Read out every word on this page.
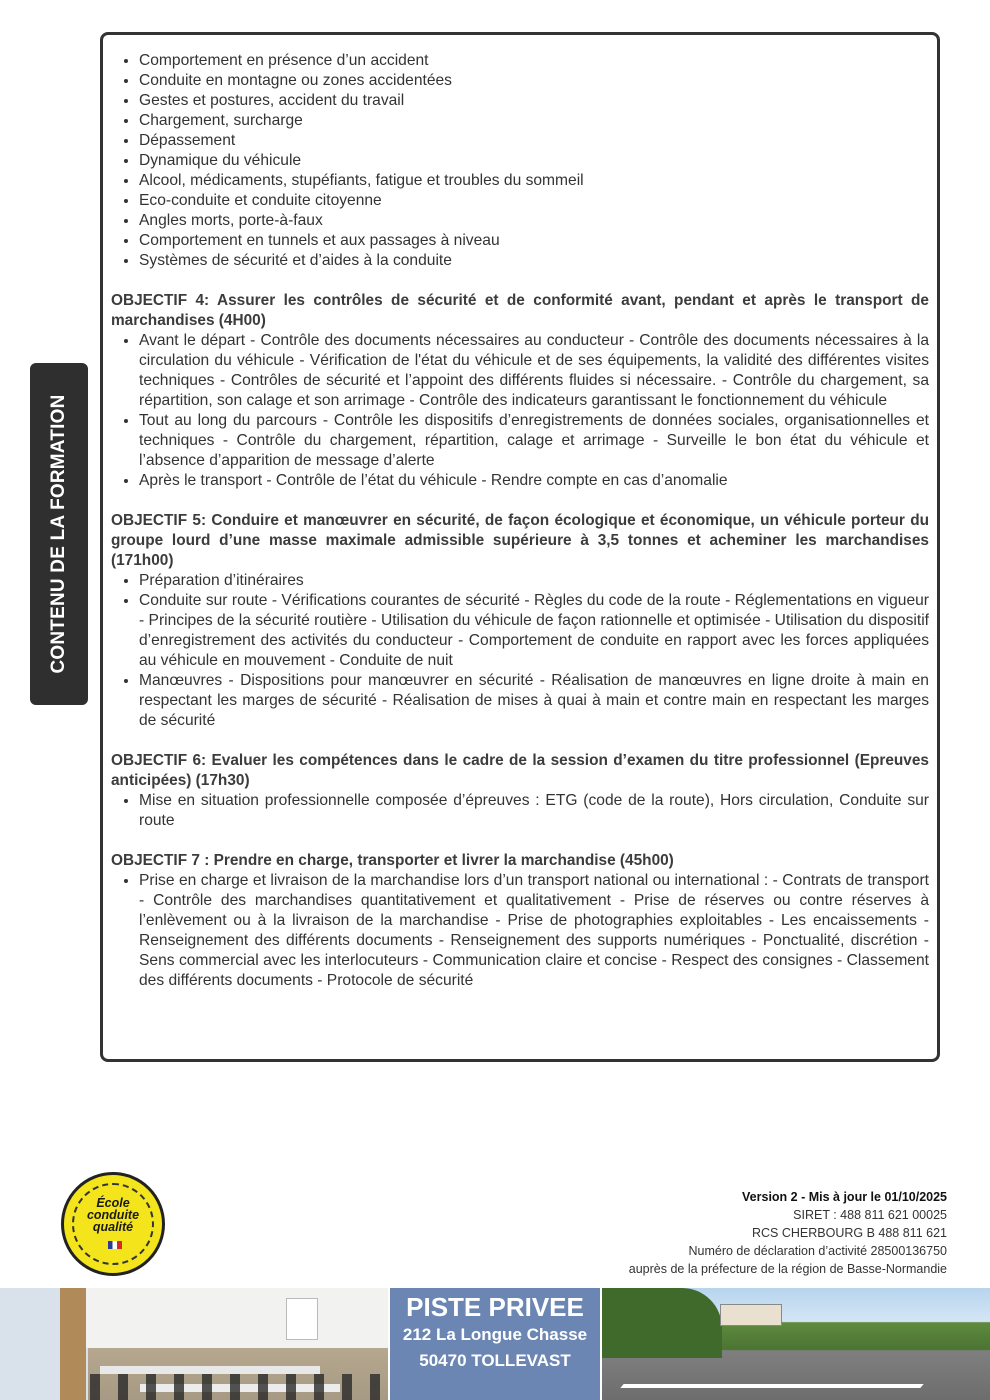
CONTENU DE LA FORMATION
• Comportement en présence d’un accident
• Conduite en montagne ou zones accidentées
• Gestes et postures, accident du travail
• Chargement, surcharge
• Dépassement
• Dynamique du véhicule
• Alcool, médicaments, stupéfiants, fatigue et troubles du sommeil
• Eco-conduite et conduite citoyenne
• Angles morts, porte-à-faux
• Comportement en tunnels et aux passages à niveau
• Systèmes de sécurité et d’aides à la conduite

OBJECTIF 4: Assurer les contrôles de sécurité et de conformité avant, pendant et après le transport de marchandises (4H00)

• Avant le départ - Contrôle des documents nécessaires au conducteur - Contrôle des documents nécessaires à la circulation du véhicule - Vérification de l'état du véhicule et de ses équipements, la validité des différentes visites techniques - Contrôles de sécurité et l’appoint des différents fluides si nécessaire. - Contrôle du chargement, sa répartition, son calage et son arrimage - Contrôle des indicateurs garantissant le fonctionnement du véhicule
• Tout au long du parcours - Contrôle les dispositifs d’enregistrements de données sociales, organisationnelles et techniques - Contrôle du chargement, répartition, calage et arrimage - Surveille le bon état du véhicule et l’absence d’apparition de message d’alerte
• Après le transport - Contrôle de l’état du véhicule - Rendre compte en cas d’anomalie

OBJECTIF 5: Conduire et manœuvrer en sécurité, de façon écologique et économique, un véhicule porteur du groupe lourd d’une masse maximale admissible supérieure à 3,5 tonnes et acheminer les marchandises (171h00)

• Préparation d’itinéraires
• Conduite sur route - Vérifications courantes de sécurité - Règles du code de la route - Réglementations en vigueur - Principes de la sécurité routière - Utilisation du véhicule de façon rationnelle et optimisée - Utilisation du dispositif d’enregistrement des activités du conducteur - Comportement de conduite en rapport avec les forces appliquées au véhicule en mouvement - Conduite de nuit
• Manœuvres - Dispositions pour manœuvrer en sécurité - Réalisation de manœuvres en ligne droite à main en respectant les marges de sécurité - Réalisation de mises à quai à main et contre main en respectant les marges de sécurité

OBJECTIF 6: Evaluer les compétences dans le cadre de la session d’examen du titre professionnel (Epreuves anticipées) (17h30)

• Mise en situation professionnelle composée d’épreuves : ETG (code de la route), Hors circulation, Conduite sur route

OBJECTIF 7 : Prendre en charge, transporter et livrer la marchandise (45h00)

• Prise en charge et livraison de la marchandise lors d’un transport national ou international : - Contrats de transport - Contrôle des marchandises quantitativement et qualitativement - Prise de réserves ou contre réserves à l’enlèvement ou à la livraison de la marchandise - Prise de photographies exploitables - Les encaissements - Renseignement des différents documents - Renseignement des supports numériques - Ponctualité, discrétion - Sens commercial avec les interlocuteurs - Communication claire et concise - Respect des consignes - Classement des différents documents - Protocole de sécurité
École
conduite
qualité
Version 2 - Mis à jour le 01/10/2025
SIRET : 488 811 621 00025
RCS CHERBOURG B 488 811 621
Numéro de déclaration d’activité 28500136750
auprès de la préfecture de la région de Basse-Normandie
PISTE PRIVEE
212 La Longue Chasse
50470 TOLLEVAST
